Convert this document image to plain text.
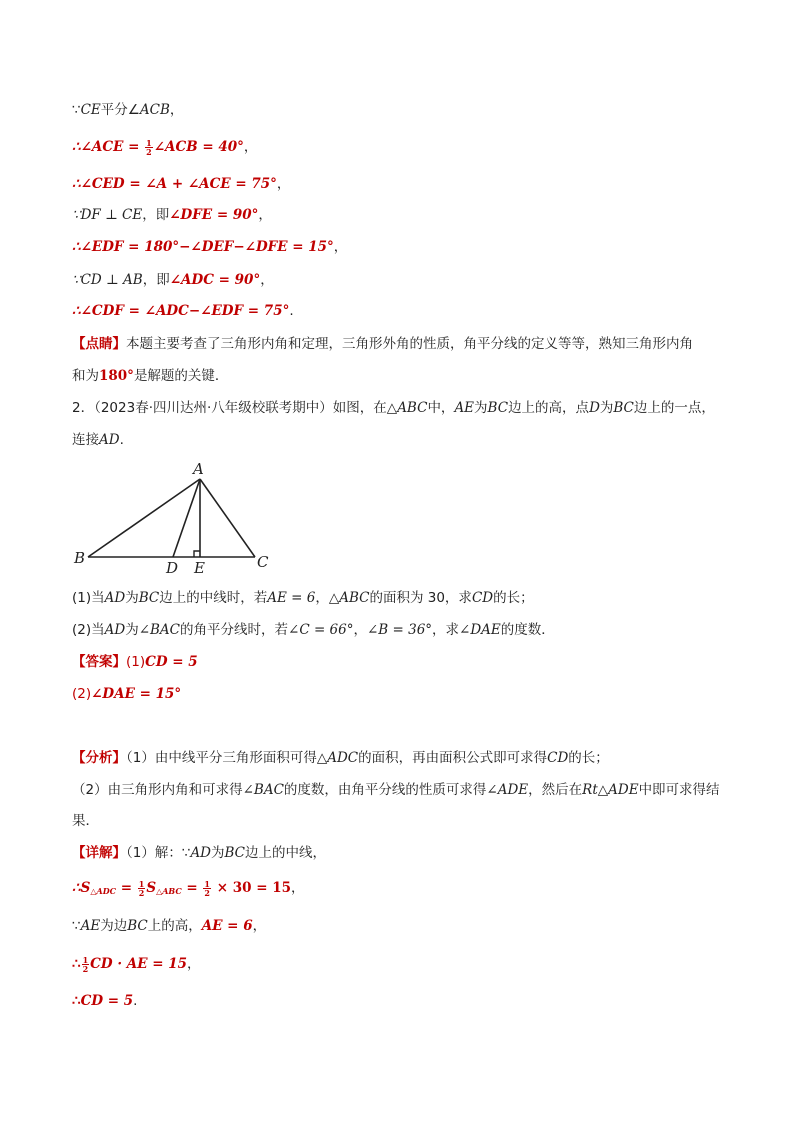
∵CE平分∠ACB，
∴∠ACE = $\frac{1}{2}$ ∠ACB = 40°，
∴∠CED = ∠A + ∠ACE = 75°，
∵DF ⊥ CE，即∠DFE = 90°，
∴∠EDF = 180°−∠DEF−∠DFE = 15°，
∵CD ⊥ AB，即∠ADC = 90°，
∴∠CDF = ∠ADC−∠EDF = 75°.
【点睛】本题主要考查了三角形内角和定理，三角形外角的性质，角平分线的定义等等，熟知三角形内角
和为180°是解题的关键．
2．（2023春·四川达州·八年级校联考期中）如图，在△ABC中，AE为BC边上的高，点D为BC边上的一点，
连接AD.
A
B	C
D E
(1)当AD为BC边上的中线时，若AE = 6，△ABC的面积为 30，求CD的长；
(2)当AD为∠BAC的角平分线时，若∠C = 66°，∠B = 36°，求∠DAE的度数．
【答案】(1)CD = 5
(2)∠DAE = 15°
【分析】（1）由中线平分三角形面积可得△ADC的面积，再由面积公式即可求得CD的长；
（2）由三角形内角和可求得∠BAC的度数，由角平分线的性质可求得∠ADE，然后在Rt△ADE中即可求得结
果．
【详解】（1）解：∵AD为BC边上的中线，
$\therefore S_{\triangle ADC} = \frac{1}{2} S_{\triangle ABC} = \frac{1}{2} \times 30 = 15$，
∵AE为边BC上的高，AE = 6，
∴ $\frac{1}{2}$ CD · AE = 15，
∴CD = 5.
